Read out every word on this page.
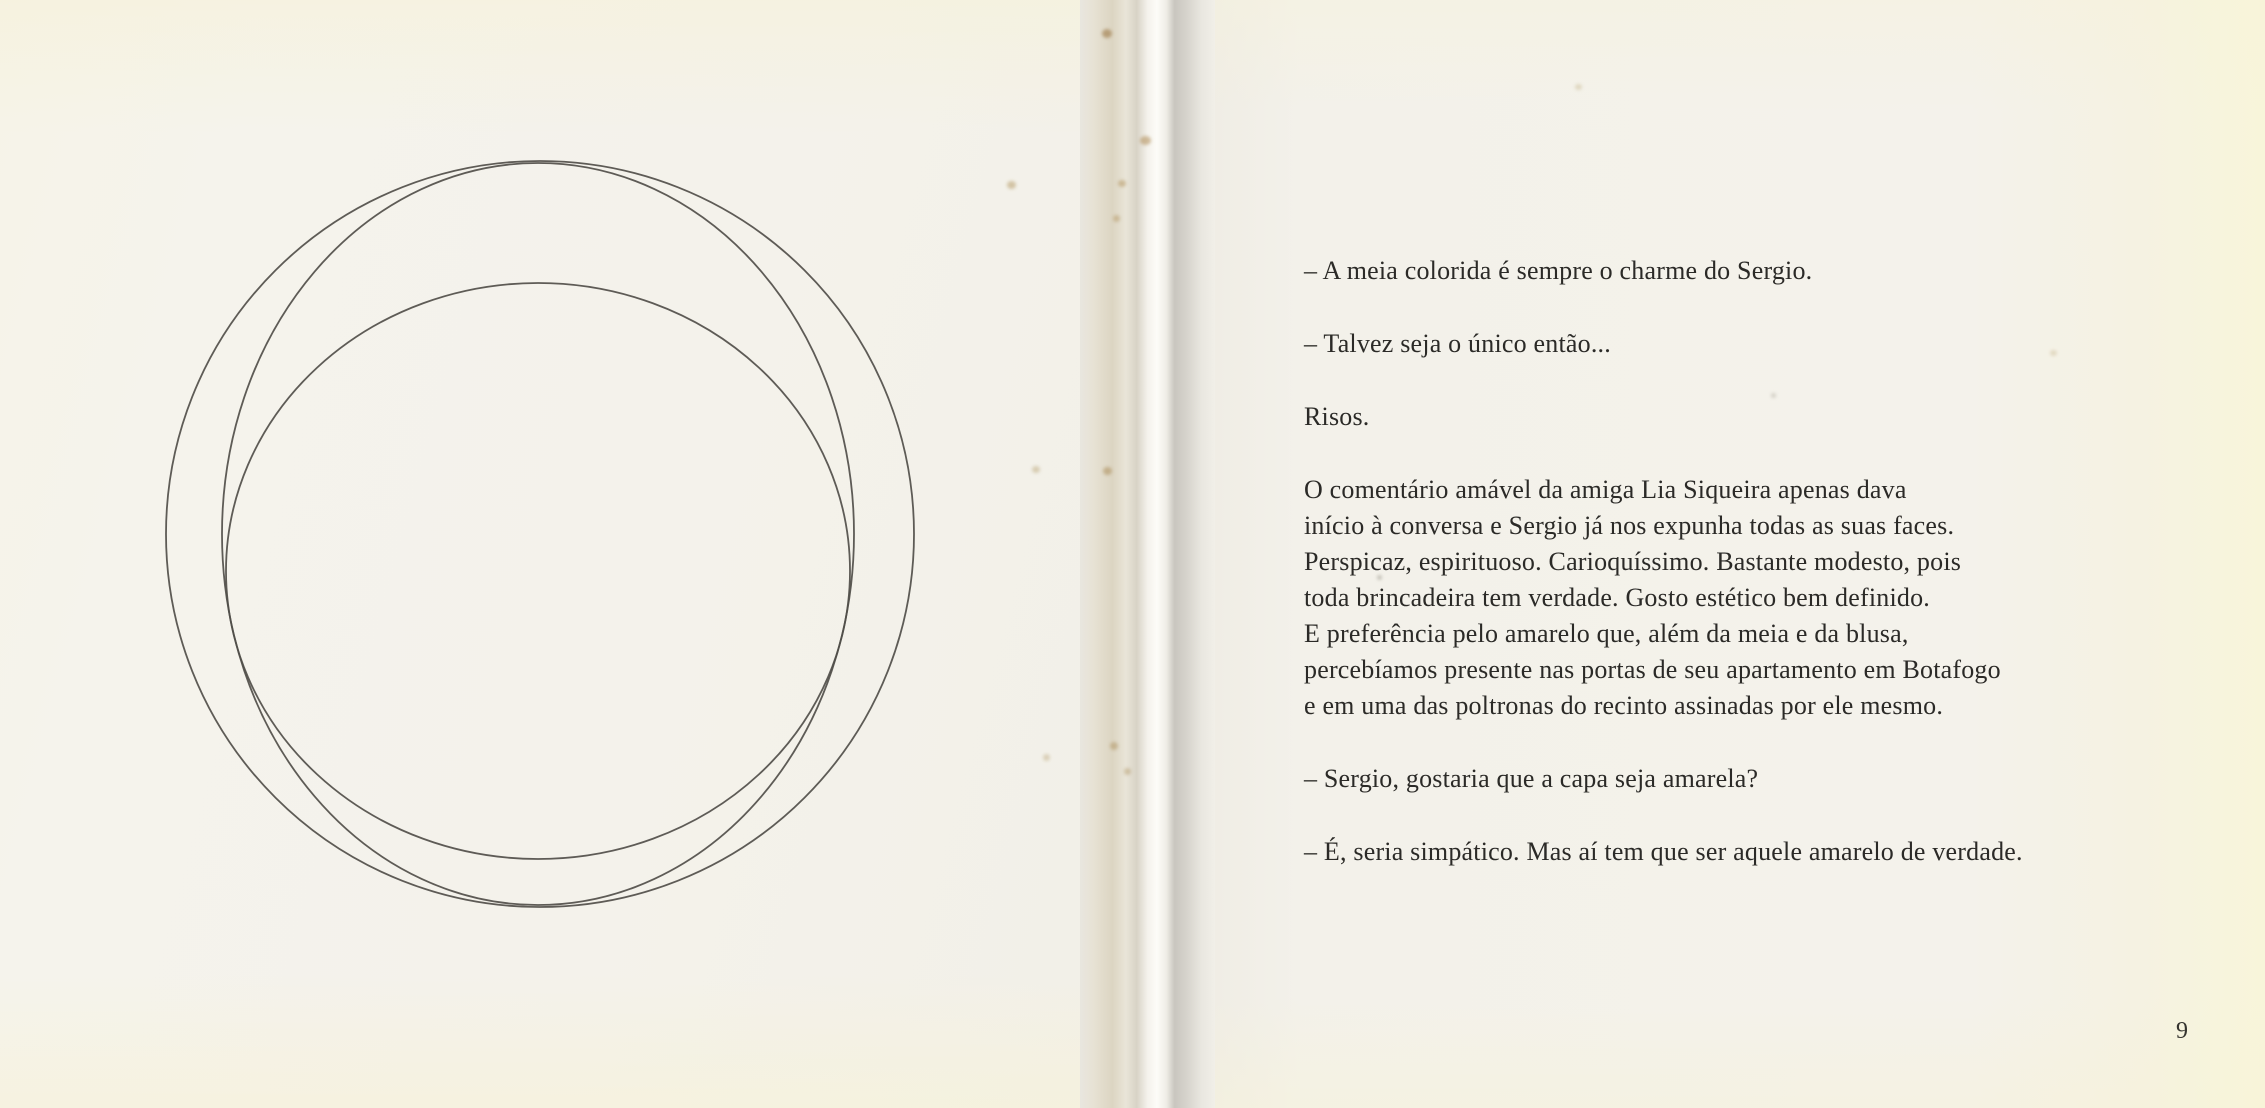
– A meia colorida é sempre o charme do Sergio.
– Talvez seja o único então...
Risos.
O comentário amável da amiga Lia Siqueira apenas dava
início à conversa e Sergio já nos expunha todas as suas faces.
Perspicaz, espirituoso. Carioquíssimo. Bastante modesto, pois
toda brincadeira tem verdade. Gosto estético bem definido.
E preferência pelo amarelo que, além da meia e da blusa,
percebíamos presente nas portas de seu apartamento em Botafogo
e em uma das poltronas do recinto assinadas por ele mesmo.
– Sergio, gostaria que a capa seja amarela?
– É, seria simpático. Mas aí tem que ser aquele amarelo de verdade.
9
